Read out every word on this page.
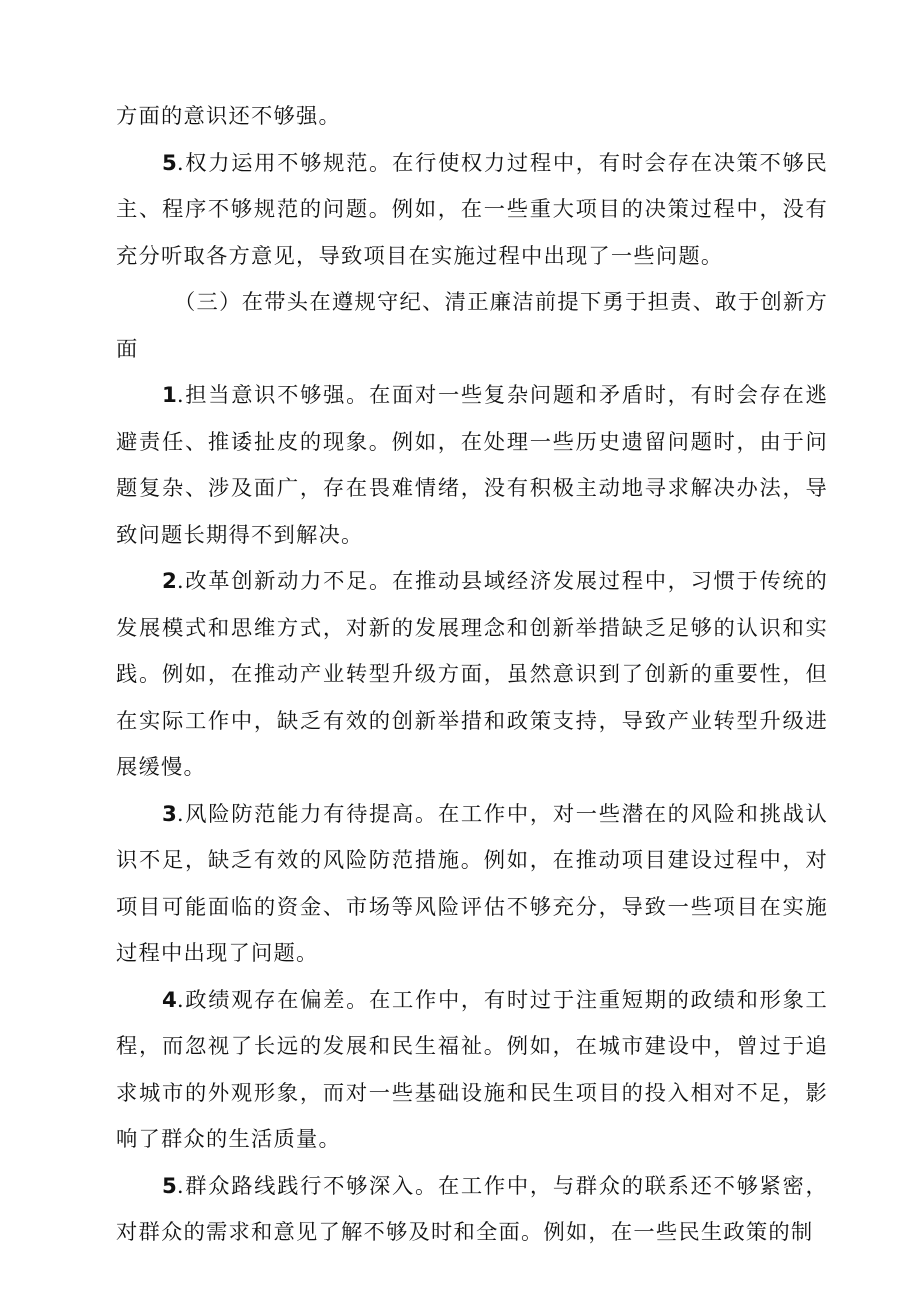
方面的意识还不够强。

5.权力运用不够规范。在行使权力过程中，有时会存在决策不够民主、程序不够规范的问题。例如，在一些重大项目的决策过程中，没有充分听取各方意见，导致项目在实施过程中出现了一些问题。

（三）在带头在遵规守纪、清正廉洁前提下勇于担责、敢于创新方面

1.担当意识不够强。在面对一些复杂问题和矛盾时，有时会存在逃避责任、推诿扯皮的现象。例如，在处理一些历史遗留问题时，由于问题复杂、涉及面广，存在畏难情绪，没有积极主动地寻求解决办法，导致问题长期得不到解决。

2.改革创新动力不足。在推动县域经济发展过程中，习惯于传统的发展模式和思维方式，对新的发展理念和创新举措缺乏足够的认识和实践。例如，在推动产业转型升级方面，虽然意识到了创新的重要性，但在实际工作中，缺乏有效的创新举措和政策支持，导致产业转型升级进展缓慢。

3.风险防范能力有待提高。在工作中，对一些潜在的风险和挑战认识不足，缺乏有效的风险防范措施。例如，在推动项目建设过程中，对项目可能面临的资金、市场等风险评估不够充分，导致一些项目在实施过程中出现了问题。

4.政绩观存在偏差。在工作中，有时过于注重短期的政绩和形象工程，而忽视了长远的发展和民生福祉。例如，在城市建设中，曾过于追求城市的外观形象，而对一些基础设施和民生项目的投入相对不足，影响了群众的生活质量。

5.群众路线践行不够深入。在工作中，与群众的联系还不够紧密，对群众的需求和意见了解不够及时和全面。例如，在一些民生政策的制
